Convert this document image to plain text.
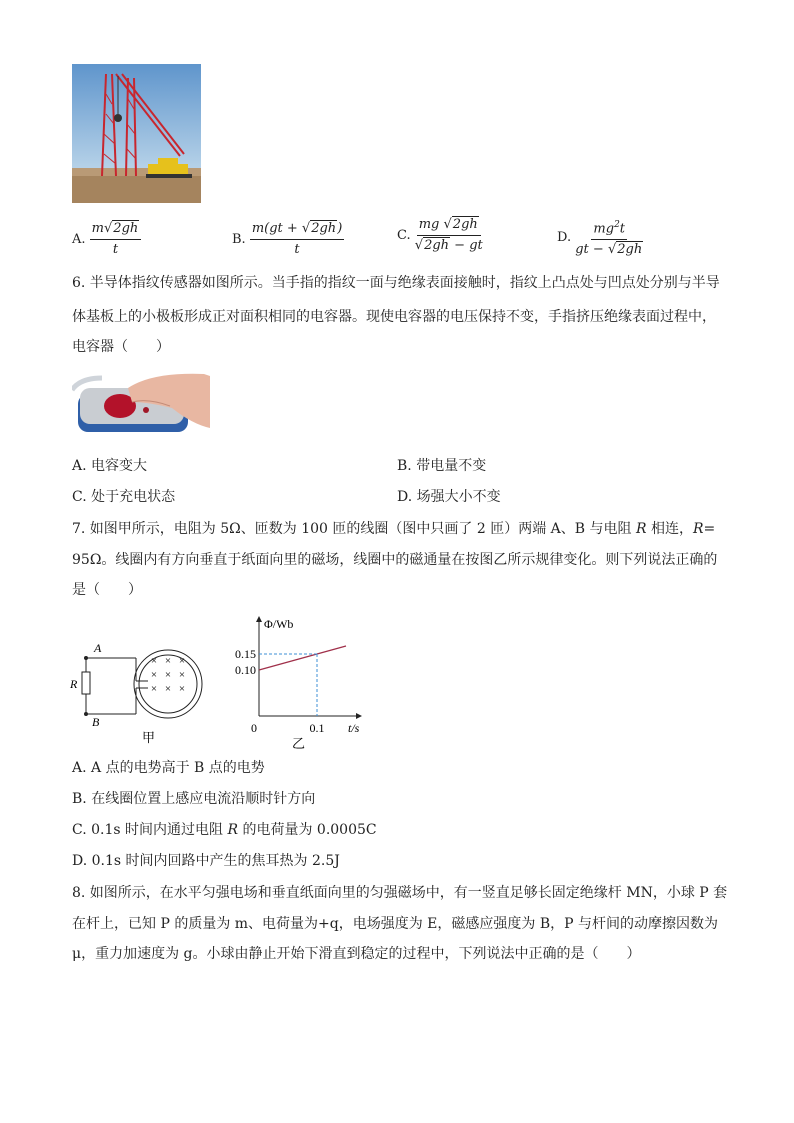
A. $\frac{m√2gh}{t}$	B. $\frac{m(gt + √2gh)}{t}$	C. $\frac{mg √2gh}{√2gh - gt}$	D. $\frac{mg^2t}{gt - √2gh}$
6. 半导体指纹传感器如图所示。当手指的指纹一面与绝缘表面接触时，指纹上凸点处与凹点处分别与半导
体基板上的小极板形成正对面积相同的电容器。现使电容器的电压保持不变，手指挤压绝缘表面过程中，
电容器（　　）
A. 电容变大	B. 带电量不变
C. 处于充电状态	D. 场强大小不变
7. 如图甲所示，电阻为 5Ω、匝数为 100 匝的线圈（图中只画了 2 匝）两端 A、B 与电阻 R 相连，R=
95Ω。线圈内有方向垂直于纸面向里的磁场，线圈中的磁通量在按图乙所示规律变化。则下列说法正确的
是（　　）
A
B
R
× × ×
× × ×
× × ×
甲
Φ/Wb
t/s
0
0.15
0.10
0.1
乙
A. A 点的电势高于 B 点的电势
B. 在线圈位置上感应电流沿顺时针方向
C. 0.1s 时间内通过电阻 R 的电荷量为 0.0005C
D. 0.1s 时间内回路中产生的焦耳热为 2.5J
8. 如图所示，在水平匀强电场和垂直纸面向里的匀强磁场中，有一竖直足够长固定绝缘杆 MN，小球 P 套
在杆上，已知 P 的质量为 m、电荷量为+q，电场强度为 E，磁感应强度为 B，P 与杆间的动摩擦因数为
μ，重力加速度为 g。小球由静止开始下滑直到稳定的过程中，下列说法中正确的是（　　）
